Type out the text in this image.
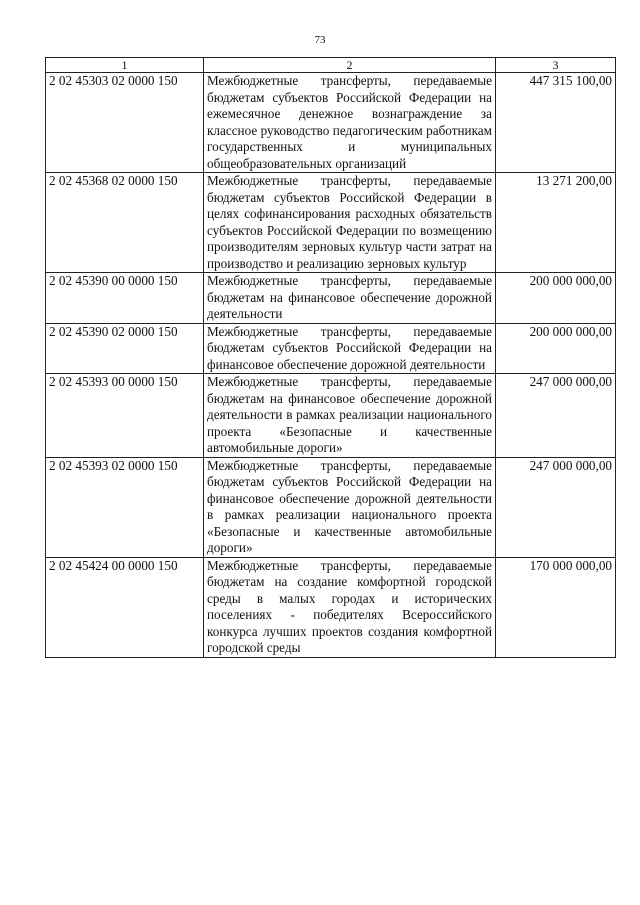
73
1	2	3
2 02 45303 02 0000 150	Межбюджетные трансферты, передаваемые бюджетам субъектов Российской Федерации на ежемесячное денежное вознаграждение за классное руководство педагогическим работникам государственных и муниципальных общеобразовательных организаций	447 315 100,00
2 02 45368 02 0000 150	Межбюджетные трансферты, передаваемые бюджетам субъектов Российской Федерации в целях софинансирования расходных обязательств субъектов Российской Федерации по возмещению производителям зерновых культур части затрат на производство и реализацию зерновых культур	13 271 200,00
2 02 45390 00 0000 150	Межбюджетные трансферты, передаваемые бюджетам на финансовое обеспечение дорожной деятельности	200 000 000,00
2 02 45390 02 0000 150	Межбюджетные трансферты, передаваемые бюджетам субъектов Российской Федерации на финансовое обеспечение дорожной деятельности	200 000 000,00
2 02 45393 00 0000 150	Межбюджетные трансферты, передаваемые бюджетам на финансовое обеспечение дорожной деятельности в рамках реализации национального проекта «Безопасные и качественные автомобильные дороги»	247 000 000,00
2 02 45393 02 0000 150	Межбюджетные трансферты, передаваемые бюджетам субъектов Российской Федерации на финансовое обеспечение дорожной деятельности в рамках реализации национального проекта «Безопасные и качественные автомобильные дороги»	247 000 000,00
2 02 45424 00 0000 150	Межбюджетные трансферты, передаваемые бюджетам на создание комфортной городской среды в малых городах и исторических поселениях - победителях Всероссийского конкурса лучших проектов создания комфортной городской среды	170 000 000,00
